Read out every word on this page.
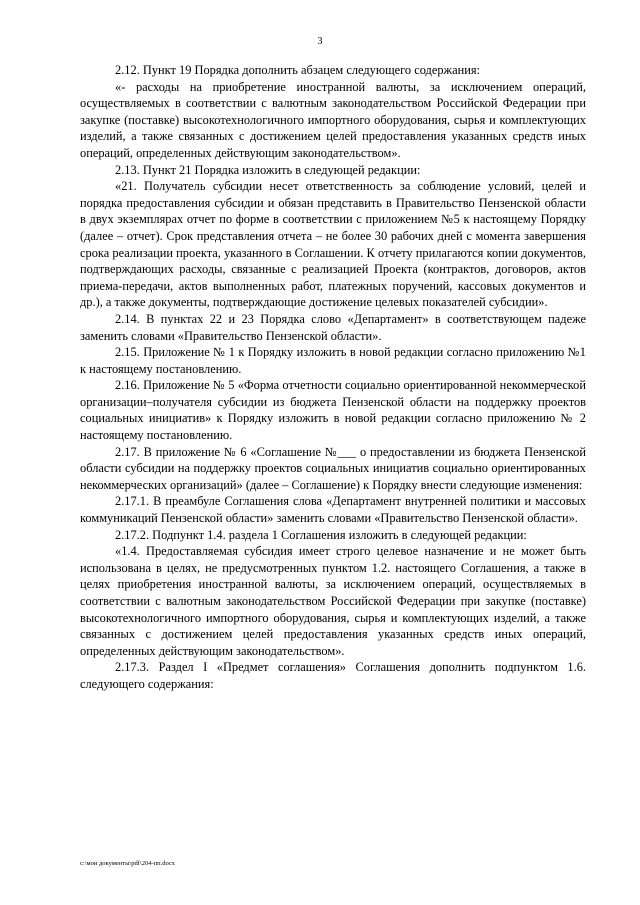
3

2.12. Пункт 19 Порядка дополнить абзацем следующего содержания:

«- расходы на приобретение иностранной валюты, за исключением операций, осуществляемых в соответствии с валютным законодательством Российской Федерации при закупке (поставке) высокотехнологичного импортного оборудования, сырья и комплектующих изделий, а также связанных с достижением целей предоставления указанных средств иных операций, определенных действующим законодательством».

2.13. Пункт 21 Порядка изложить в следующей редакции:

«21. Получатель субсидии несет ответственность за соблюдение условий, целей и порядка предоставления субсидии и обязан представить в Правительство Пензенской области в двух экземплярах отчет по форме в соответствии с приложением №5 к настоящему Порядку (далее – отчет). Срок представления отчета – не более 30 рабочих дней с момента завершения срока реализации проекта, указанного в Соглашении. К отчету прилагаются копии документов, подтверждающих расходы, связанные с реализацией Проекта (контрактов, договоров, актов приема-передачи, актов выполненных работ, платежных поручений, кассовых документов и др.), а также документы, подтверждающие достижение целевых показателей субсидии».

2.14. В пунктах 22 и 23 Порядка слово «Департамент» в соответствующем падеже заменить словами «Правительство Пензенской области».

2.15. Приложение № 1 к Порядку изложить в новой редакции согласно приложению №1 к настоящему постановлению.

2.16. Приложение № 5 «Форма отчетности социально ориентированной некоммерческой организации–получателя субсидии из бюджета Пензенской области на поддержку проектов социальных инициатив» к Порядку изложить в новой редакции согласно приложению № 2 настоящему постановлению.

2.17. В приложение № 6 «Соглашение №___ о предоставлении из бюджета Пензенской области субсидии на поддержку проектов социальных инициатив социально ориентированных некоммерческих организаций» (далее – Соглашение) к Порядку внести следующие изменения:

2.17.1. В преамбуле Соглашения слова «Департамент внутренней политики и массовых коммуникаций Пензенской области» заменить словами «Правительство Пензенской области».

2.17.2. Подпункт 1.4. раздела 1 Соглашения изложить в следующей редакции:

«1.4. Предоставляемая субсидия имеет строго целевое назначение и не может быть использована в целях, не предусмотренных пунктом 1.2. настоящего Соглашения, а также в целях приобретения иностранной валюты, за исключением операций, осуществляемых в соответствии с валютным законодательством Российской Федерации при закупке (поставке) высокотехнологичного импортного оборудования, сырья и комплектующих изделий, а также связанных с достижением целей предоставления указанных средств иных операций, определенных действующим законодательством».

2.17.3. Раздел I «Предмет соглашения» Соглашения дополнить подпунктом 1.6. следующего содержания:

c:\мои документы\pdf\204-пп.docx
